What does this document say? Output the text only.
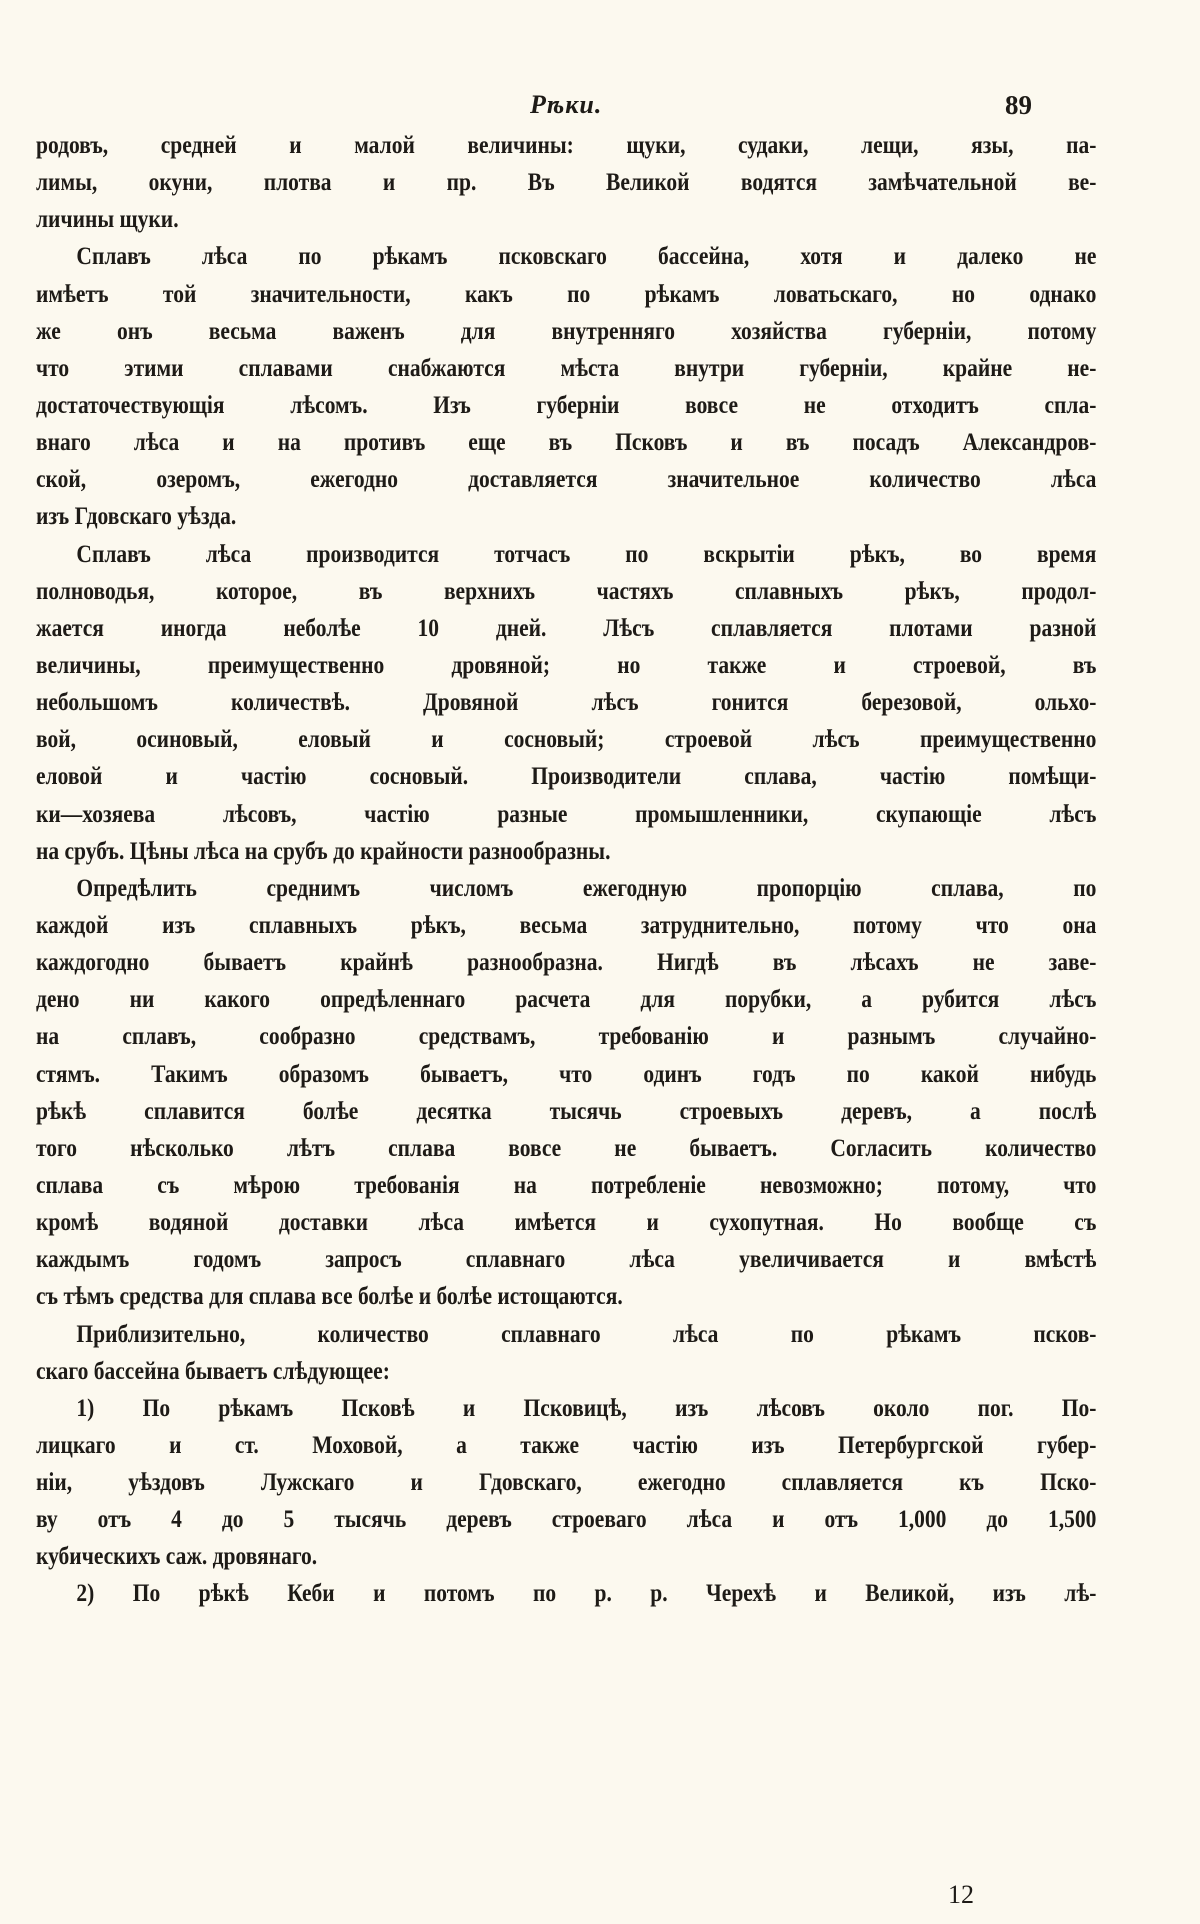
Рѣки.	89
родовъ, средней и малой величины: щуки, судаки, лещи, язы, па-
лимы, окуни, плотва и пр. Въ Великой водятся замѣчательной ве-
личины щуки.
Сплавъ лѣса по рѣкамъ псковскаго бассейна, хотя и далеко не
имѣетъ той значительности, какъ по рѣкамъ ловатьскаго, но однако
же онъ весьма важенъ для внутренняго хозяйства губерніи, потому
что этими сплавами снабжаются мѣста внутри губерніи, крайне не-
достаточествующія лѣсомъ. Изъ губерніи вовсе не отходитъ спла-
внаго лѣса и на противъ еще въ Псковъ и въ посадъ Александров-
ской, озеромъ, ежегодно доставляется значительное количество лѣса
изъ Гдовскаго уѣзда.
Сплавъ лѣса производится тотчасъ по вскрытіи рѣкъ, во время
полноводья, которое, въ верхнихъ частяхъ сплавныхъ рѣкъ, продол-
жается иногда неболѣе 10 дней. Лѣсъ сплавляется плотами разной
величины, преимущественно дровяной; но также и строевой, въ
небольшомъ количествѣ. Дровяной лѣсъ гонится березовой, ольхо-
вой, осиновый, еловый и сосновый; строевой лѣсъ преимущественно
еловой и частію сосновый. Производители сплава, частію помѣщи-
ки—хозяева лѣсовъ, частію разные промышленники, скупающіе лѣсъ
на срубъ. Цѣны лѣса на срубъ до крайности разнообразны.
Опредѣлить среднимъ числомъ ежегодную пропорцію сплава, по
каждой изъ сплавныхъ рѣкъ, весьма затруднительно, потому что она
каждогодно бываетъ крайнѣ разнообразна. Нигдѣ въ лѣсахъ не заве-
дено ни какого опредѣленнаго расчета для порубки, а рубится лѣсъ
на сплавъ, сообразно средствамъ, требованію и разнымъ случайно-
стямъ. Такимъ образомъ бываетъ, что одинъ годъ по какой нибудь
рѣкѣ сплавится болѣе десятка тысячь строевыхъ деревъ, а послѣ
того нѣсколько лѣтъ сплава вовсе не бываетъ. Согласить количество
сплава съ мѣрою требованія на потребленіе невозможно; потому, что
кромѣ водяной доставки лѣса имѣется и сухопутная. Но вообще съ
каждымъ годомъ запросъ сплавнаго лѣса увеличивается и вмѣстѣ
съ тѣмъ средства для сплава все болѣе и болѣе истощаются.
Приблизительно, количество сплавнаго лѣса по рѣкамъ псков-
скаго бассейна бываетъ слѣдующее:
1) По рѣкамъ Псковѣ и Псковицѣ, изъ лѣсовъ около пог. По-
лицкаго и ст. Моховой, а также частію изъ Петербургской губер-
ніи, уѣздовъ Лужскаго и Гдовскаго, ежегодно сплавляется къ Пско-
ву отъ 4 до 5 тысячь деревъ строеваго лѣса и отъ 1,000 до 1,500
кубическихъ саж. дровянаго.
2) По рѣкѣ Кеби и потомъ по р. р. Черехѣ и Великой, изъ лѣ-
12
